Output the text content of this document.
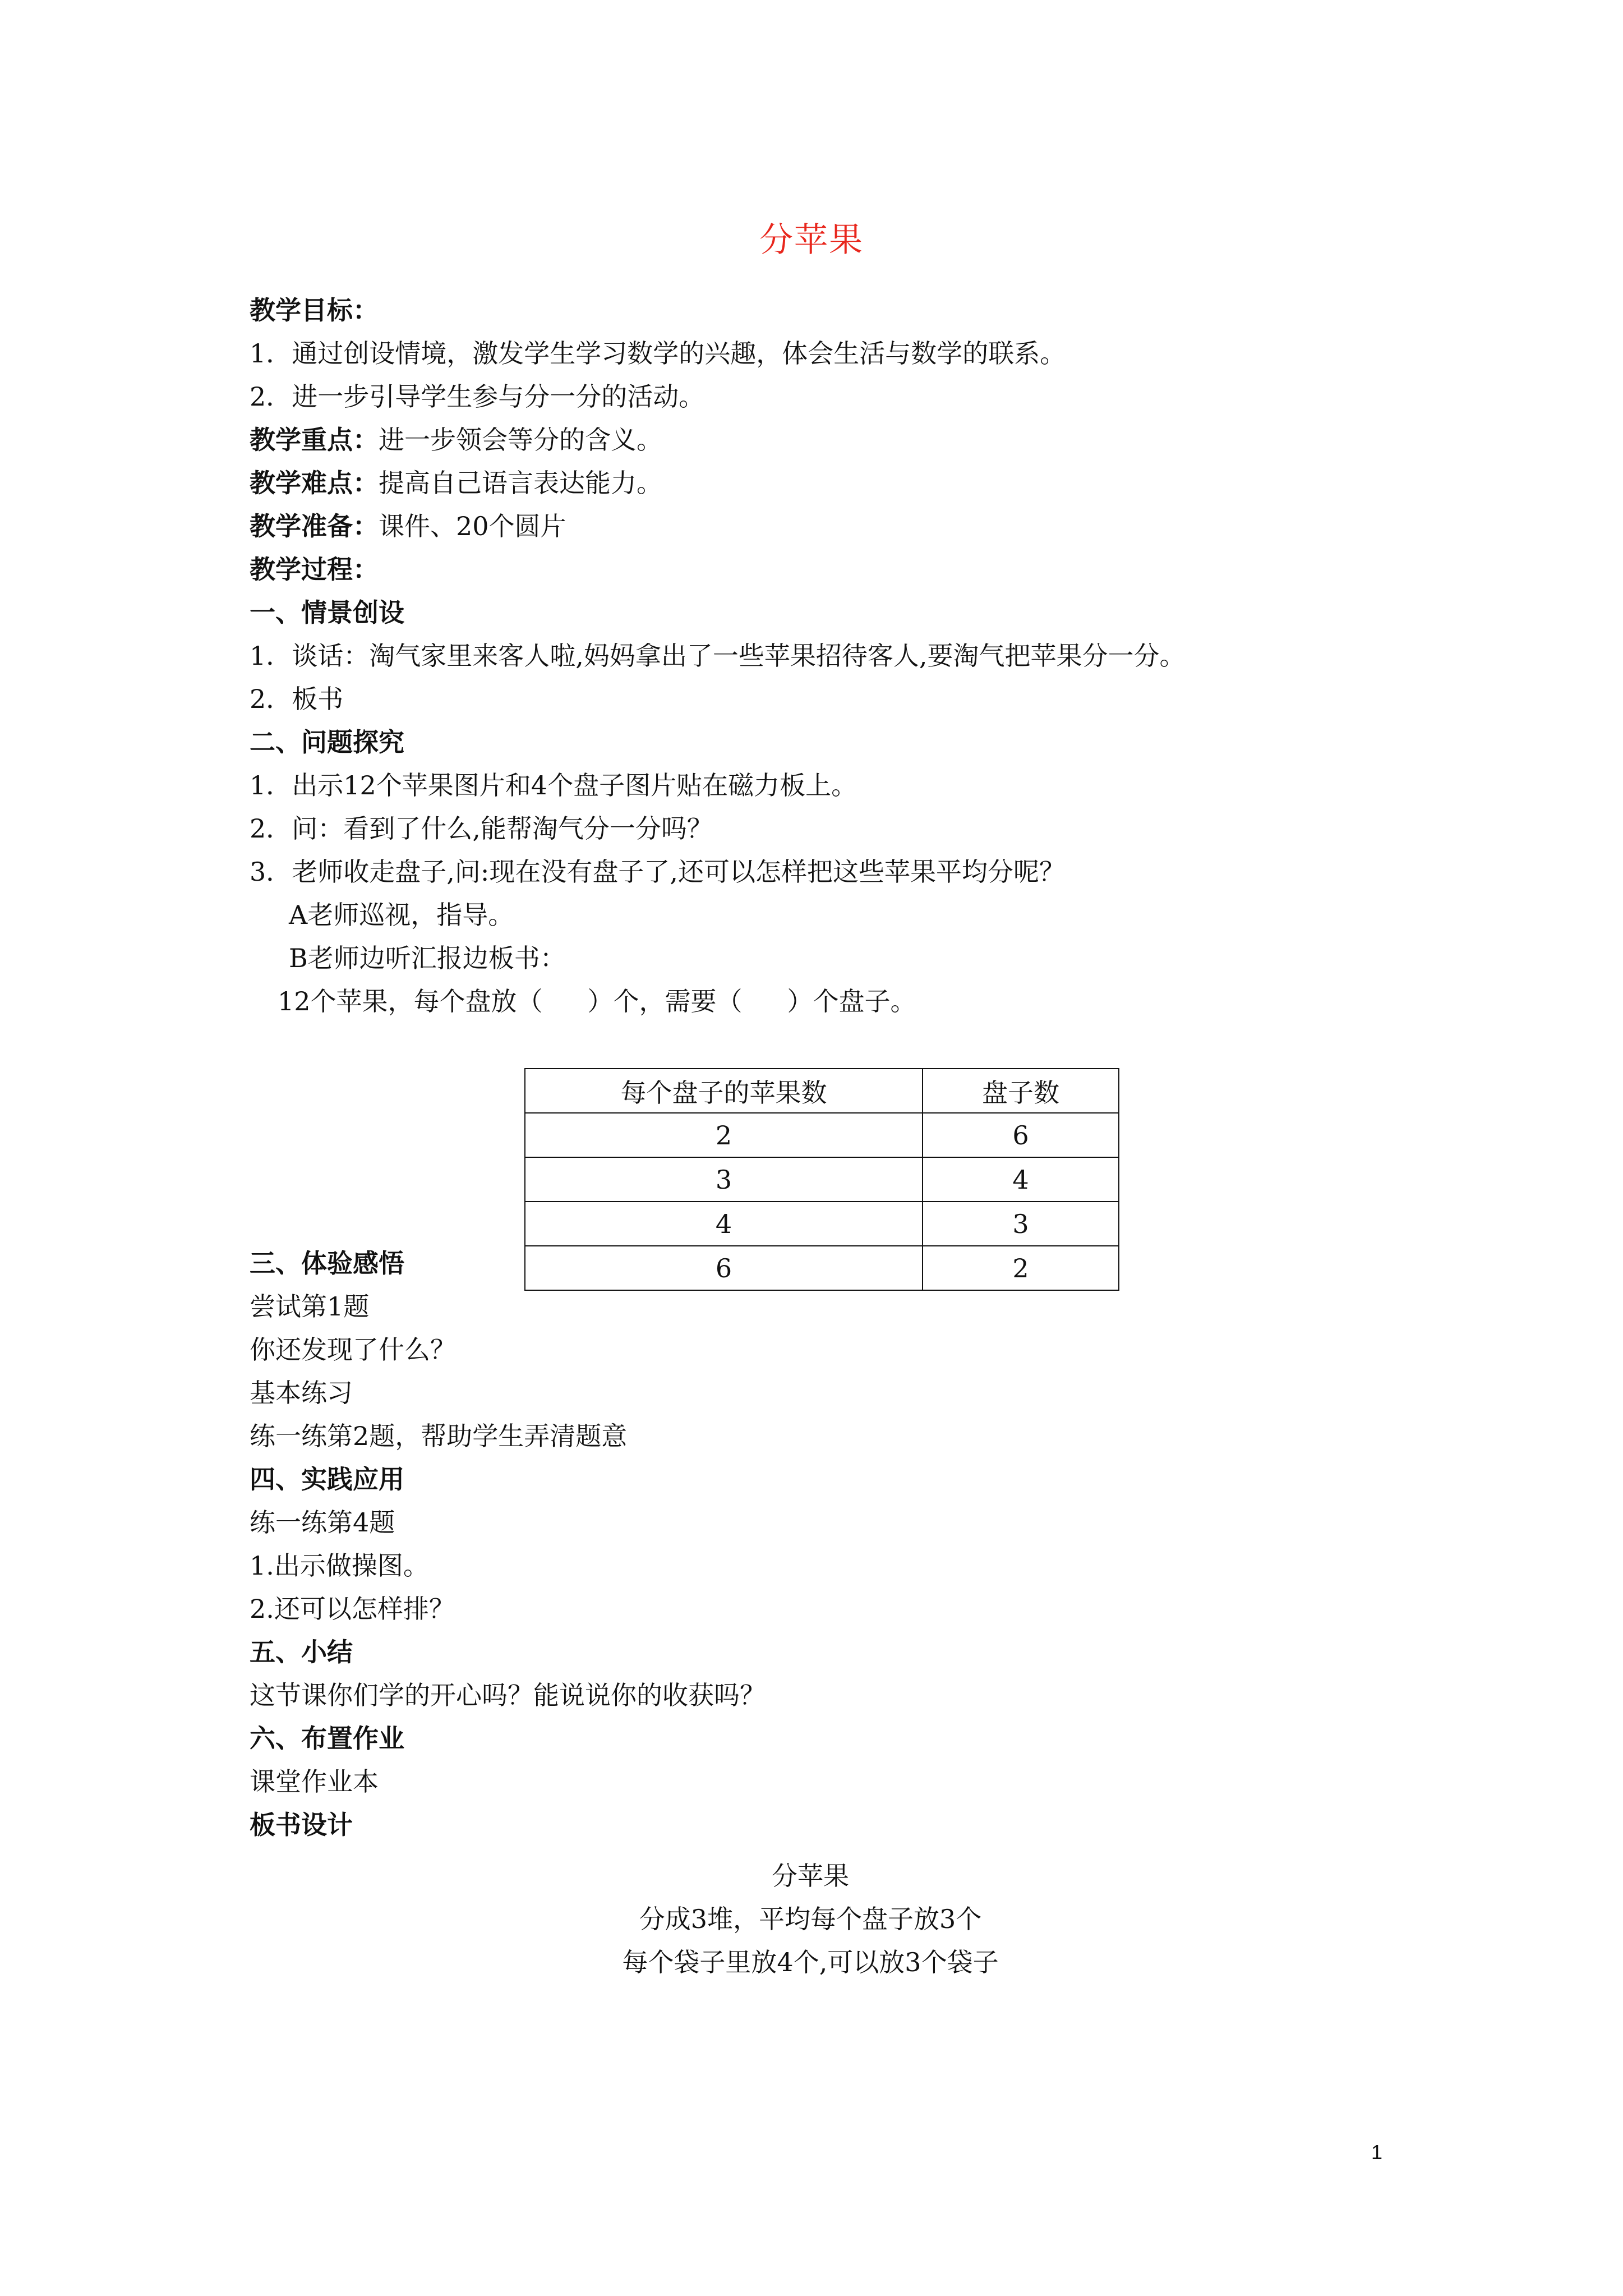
分苹果
教学目标：
1．通过创设情境，激发学生学习数学的兴趣，体会生活与数学的联系。
2．进一步引导学生参与分一分的活动。
教学重点：进一步领会等分的含义。
教学难点：提高自己语言表达能力。
教学准备：课件、20个圆片
教学过程：
一、情景创设
1．谈话：淘气家里来客人啦,妈妈拿出了一些苹果招待客人,要淘气把苹果分一分。
2．板书
二、问题探究
1．出示12个苹果图片和4个盘子图片贴在磁力板上。
2．问：看到了什么,能帮淘气分一分吗？
3．老师收走盘子,问:现在没有盘子了,还可以怎样把这些苹果平均分呢？
A老师巡视，指导。
B老师边听汇报边板书：
12个苹果，每个盘放（ ）个，需要（ ）个盘子。
每个盘子的苹果数	盘子数
2	6
3	4
4	3
6	2
三、体验感悟
尝试第1题
你还发现了什么？
基本练习
练一练第2题，帮助学生弄清题意
四、实践应用
练一练第4题
1.出示做操图。
2.还可以怎样排？
五、小结
这节课你们学的开心吗？能说说你的收获吗？
六、布置作业
课堂作业本
板书设计
分苹果
分成3堆，平均每个盘子放3个
每个袋子里放4个,可以放3个袋子
1
